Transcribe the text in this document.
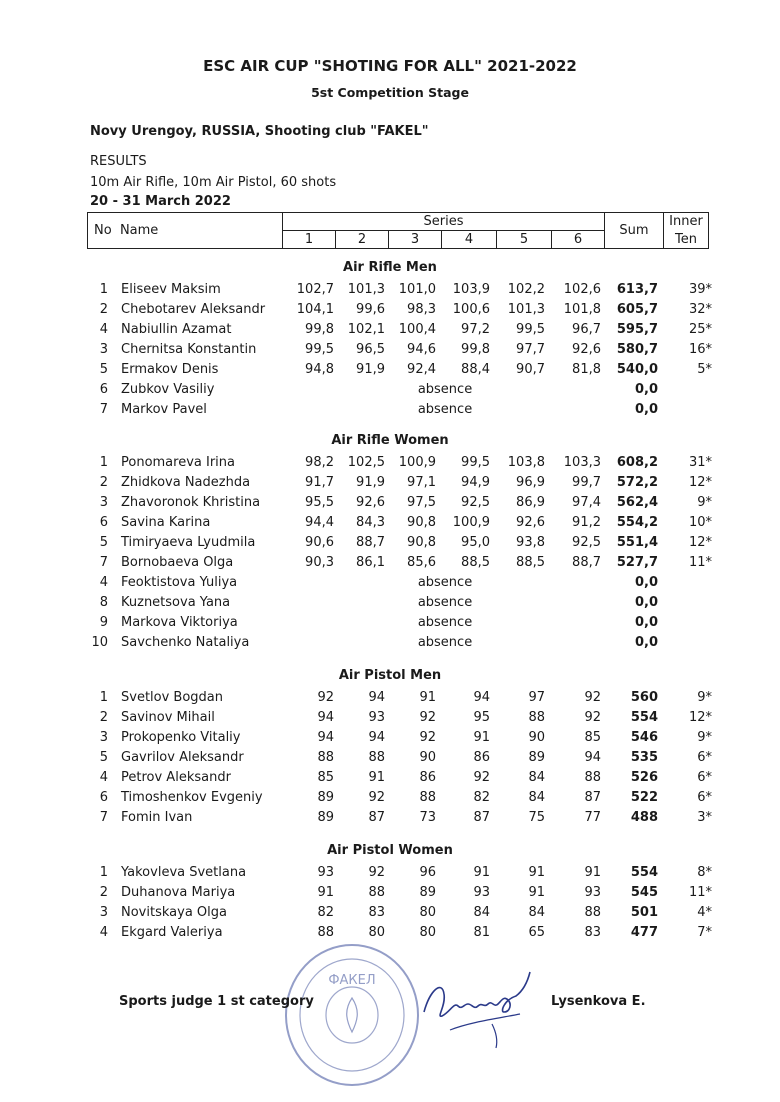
ESC AIR CUP "SHOTING FOR ALL" 2021-2022
5st Competition Stage
Novy Urengoy, RUSSIA, Shooting club "FAKEL"
RESULTS
10m Air Rifle, 10m Air Pistol, 60 shots
20 - 31 March 2022
No Name	Series						Sum	Inner
	1	2	3	4	5	6		Ten
Air Rifle Men
1 Eliseev Maksim	102,7	101,3	101,0	103,9	102,2	102,6	613,7	39*
2 Chebotarev Aleksandr	104,1	99,6	98,3	100,6	101,3	101,8	605,7	32*
4 Nabiullin Azamat	99,8	102,1	100,4	97,2	99,5	96,7	595,7	25*
3 Chernitsa Konstantin	99,5	96,5	94,6	99,8	97,7	92,6	580,7	16*
5 Ermakov Denis	94,8	91,9	92,4	88,4	90,7	81,8	540,0	5*
6 Zubkov Vasiliy	absence	0,0
7 Markov Pavel	absence	0,0
Air Rifle Women
1 Ponomareva Irina	98,2	102,5	100,9	99,5	103,8	103,3	608,2	31*
2 Zhidkova Nadezhda	91,7	91,9	97,1	94,9	96,9	99,7	572,2	12*
3 Zhavoronok Khristina	95,5	92,6	97,5	92,5	86,9	97,4	562,4	9*
6 Savina Karina	94,4	84,3	90,8	100,9	92,6	91,2	554,2	10*
5 Timiryaeva Lyudmila	90,6	88,7	90,8	95,0	93,8	92,5	551,4	12*
7 Bornobaeva Olga	90,3	86,1	85,6	88,5	88,5	88,7	527,7	11*
4 Feoktistova Yuliya	absence	0,0
8 Kuznetsova Yana	absence	0,0
9 Markova Viktoriya	absence	0,0
10 Savchenko Nataliya	absence	0,0
Air Pistol Men
1 Svetlov Bogdan	92	94	91	94	97	92	560	9*
2 Savinov Mihail	94	93	92	95	88	92	554	12*
3 Prokopenko Vitaliy	94	94	92	91	90	85	546	9*
5 Gavrilov Aleksandr	88	88	90	86	89	94	535	6*
4 Petrov Aleksandr	85	91	86	92	84	88	526	6*
6 Timoshenkov Evgeniy	89	92	88	82	84	87	522	6*
7 Fomin Ivan	89	87	73	87	75	77	488	3*
Air Pistol Women
1 Yakovleva Svetlana	93	92	96	91	91	91	554	8*
2 Duhanova Mariya	91	88	89	93	91	93	545	11*
3 Novitskaya Olga	82	83	80	84	84	88	501	4*
4 Ekgard Valeriya	88	80	80	81	65	83	477	7*
ФАКЕЛ
Sports judge 1 st category	Lysenkova E.
